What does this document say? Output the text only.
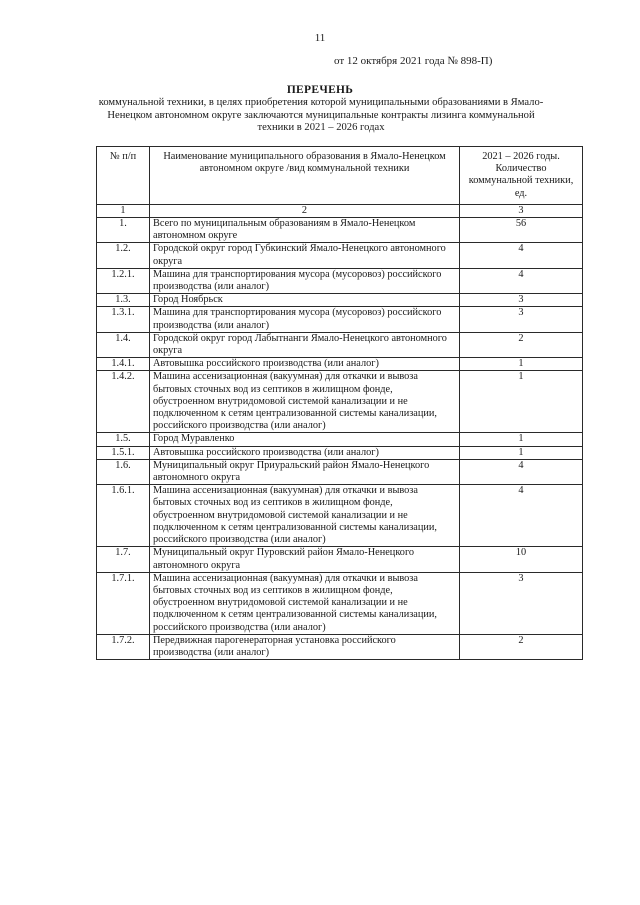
11
от 12 октября 2021 года № 898-П)
ПЕРЕЧЕНЬ
коммунальной техники, в целях приобретения которой муниципальными образованиями в Ямало-Ненецком автономном округе заключаются муниципальные контракты лизинга коммунальной техники в 2021 – 2026 годах
№ п/п	Наименование муниципального образования в Ямало-Ненецком автономном округе /вид коммунальной техники	2021 – 2026 годы. Количество коммунальной техники, ед.
1	2	3
1.	Всего по муниципальным образованиям в Ямало-Ненецком автономном округе	56
1.2.	Городской округ город Губкинский Ямало-Ненецкого автономного округа	4
1.2.1.	Машина для транспортирования мусора (мусоровоз) российского производства (или аналог)	4
1.3.	Город Ноябрьск	3
1.3.1.	Машина для транспортирования мусора (мусоровоз) российского производства (или аналог)	3
1.4.	Городской округ город Лабытнанги Ямало-Ненецкого автономного округа	2
1.4.1.	Автовышка российского производства (или аналог)	1
1.4.2.	Машина ассенизационная (вакуумная) для откачки и вывоза бытовых сточных вод из септиков в жилищном фонде, обустроенном внутридомовой системой канализации и не подключенном к сетям централизованной системы канализации, российского производства (или аналог)	1
1.5.	Город Муравленко	1
1.5.1.	Автовышка российского производства (или аналог)	1
1.6.	Муниципальный округ Приуральский район Ямало-Ненецкого автономного округа	4
1.6.1.	Машина ассенизационная (вакуумная) для откачки и вывоза бытовых сточных вод из септиков в жилищном фонде, обустроенном внутридомовой системой канализации и не подключенном к сетям централизованной системы канализации, российского производства (или аналог)	4
1.7.	Муниципальный округ Пуровский район Ямало-Ненецкого автономного округа	10
1.7.1.	Машина ассенизационная (вакуумная) для откачки и вывоза бытовых сточных вод из септиков в жилищном фонде, обустроенном внутридомовой системой канализации и не подключенном к сетям централизованной системы канализации, российского производства (или аналог)	3
1.7.2.	Передвижная парогенераторная установка российского производства (или аналог)	2
